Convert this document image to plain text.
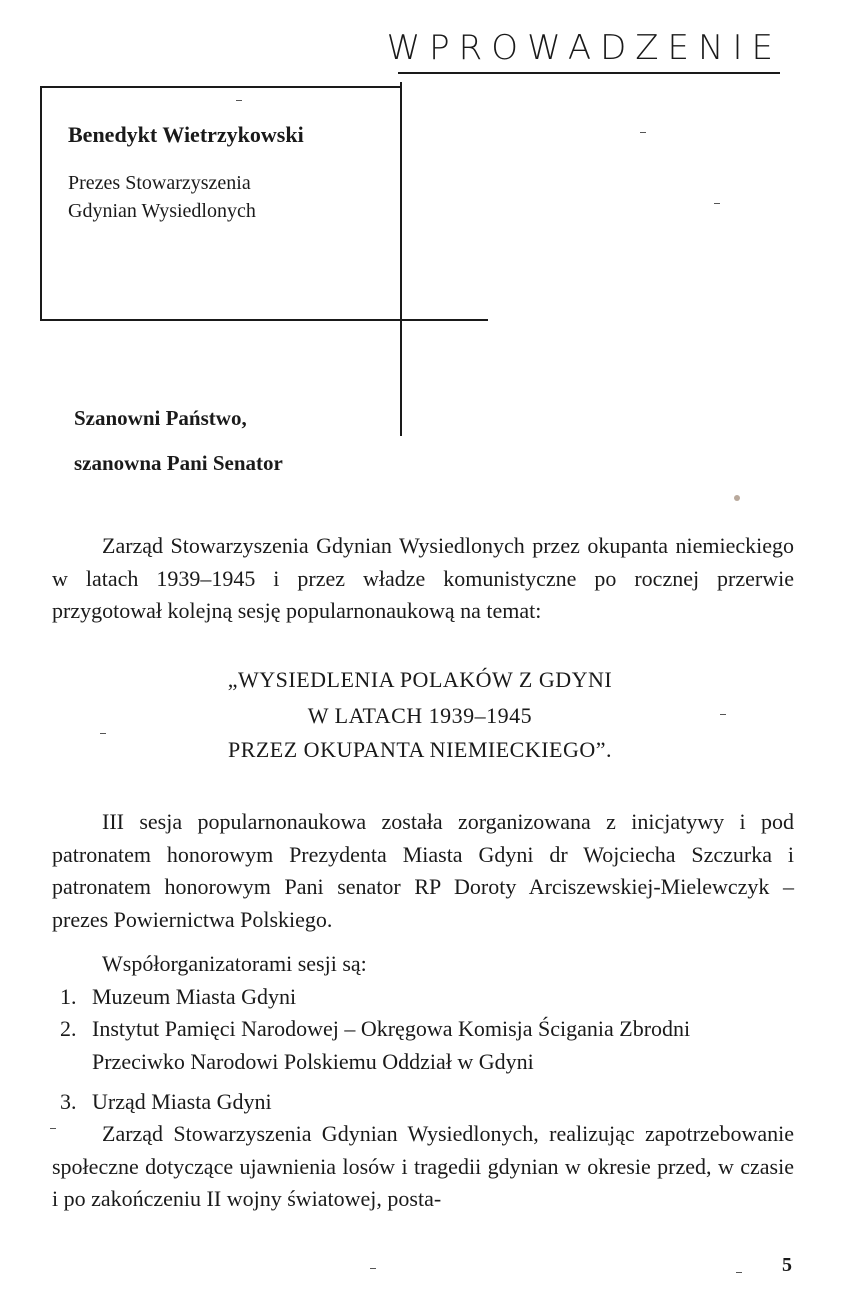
WPROWADZENIE
Benedykt Wietrzykowski
Prezes Stowarzyszenia
Gdynian Wysiedlonych
Szanowni Państwo,
szanowna Pani Senator
Zarząd Stowarzyszenia Gdynian Wysiedlonych przez okupanta niemieckiego w latach 1939–1945 i przez władze komunistyczne po rocznej przerwie przygotował kolejną sesję popularnonaukową na temat:
„WYSIEDLENIA POLAKÓW Z GDYNI
W LATACH 1939–1945
PRZEZ OKUPANTA NIEMIECKIEGO”.
III sesja popularnonaukowa została zorganizowana z inicjatywy i pod patronatem honorowym Prezydenta Miasta Gdyni dr Wojciecha Szczurka i patronatem honorowym Pani senator RP Doroty Arciszewskiej-Mielewczyk – prezes Powiernictwa Polskiego.
Współorganizatorami sesji są:
1. Muzeum Miasta Gdyni
2. Instytut Pamięci Narodowej – Okręgowa Komisja Ścigania Zbrodni
Przeciwko Narodowi Polskiemu Oddział w Gdyni
3. Urząd Miasta Gdyni
Zarząd Stowarzyszenia Gdynian Wysiedlonych, realizując zapotrzebowanie społeczne dotyczące ujawnienia losów i tragedii gdynian w okresie przed, w czasie i po zakończeniu II wojny światowej, posta-
5
